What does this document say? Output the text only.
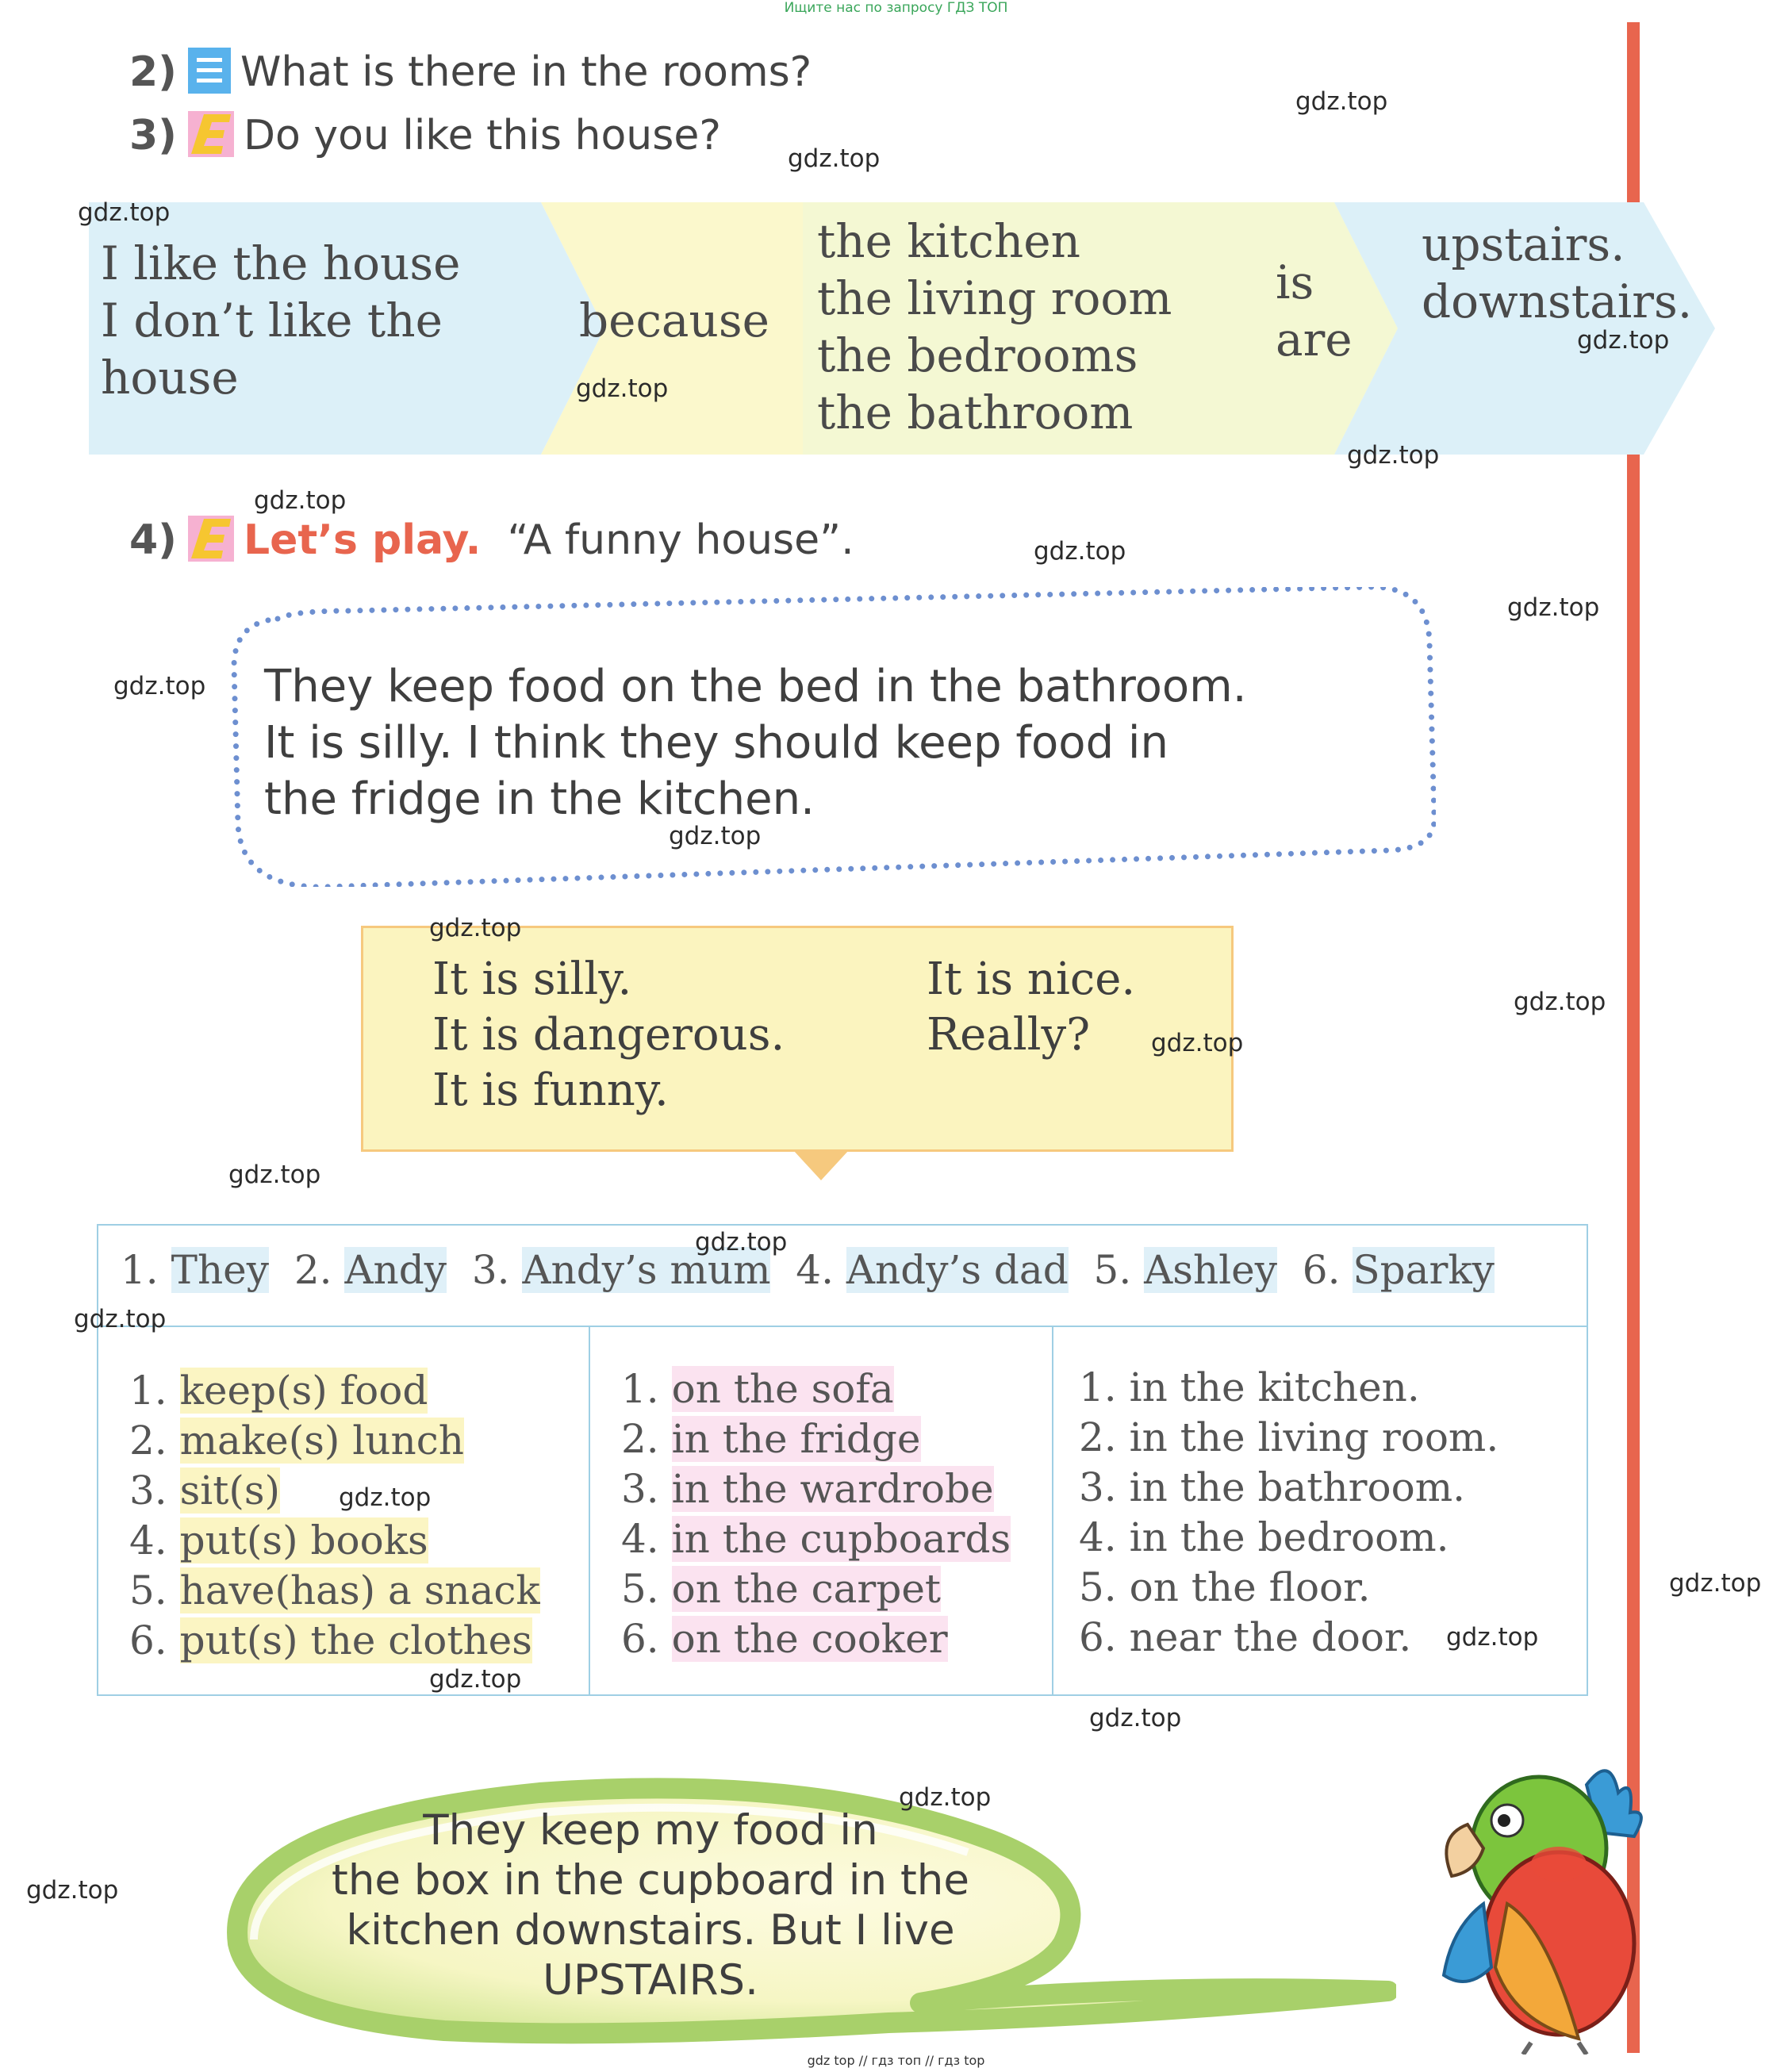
Ищите нас по запросу ГДЗ ТОП
2) What is there in the rooms?
3) Do you like this house?
I like the house
I don’t like the
house
because
the kitchen
the living room
the bedrooms
the bathroom
is
are
upstairs.
downstairs.
4) Let’s play. “A funny house”.
They keep food on the bed in the bathroom.
It is silly. I think they should keep food in
the fridge in the kitchen.
It is silly.
It is dangerous.
It is funny.
It is nice.
Really?
1. They 2. Andy 3. Andy’s mum 4. Andy’s dad 5. Ashley 6. Sparky
1. keep(s) food
2. make(s) lunch
3. sit(s)
4. put(s) books
5. have(has) a snack
6. put(s) the clothes
1. on the sofa
2. in the fridge
3. in the wardrobe
4. in the cupboards
5. on the carpet
6. on the cooker
1. in the kitchen.
2. in the living room.
3. in the bathroom.
4. in the bedroom.
5. on the floor.
6. near the door.
They keep my food in
the box in the cupboard in the
kitchen downstairs. But I live
UPSTAIRS.
gdz top // гдз топ // гдз top
gdz.top
gdz.top
gdz.top
gdz.top
gdz.top
gdz.top
gdz.top
gdz.top
gdz.top
gdz.top
gdz.top
gdz.top
gdz.top
gdz.top
gdz.top
gdz.top
gdz.top
gdz.top
gdz.top
gdz.top
gdz.top
gdz.top
gdz.top
gdz.top
